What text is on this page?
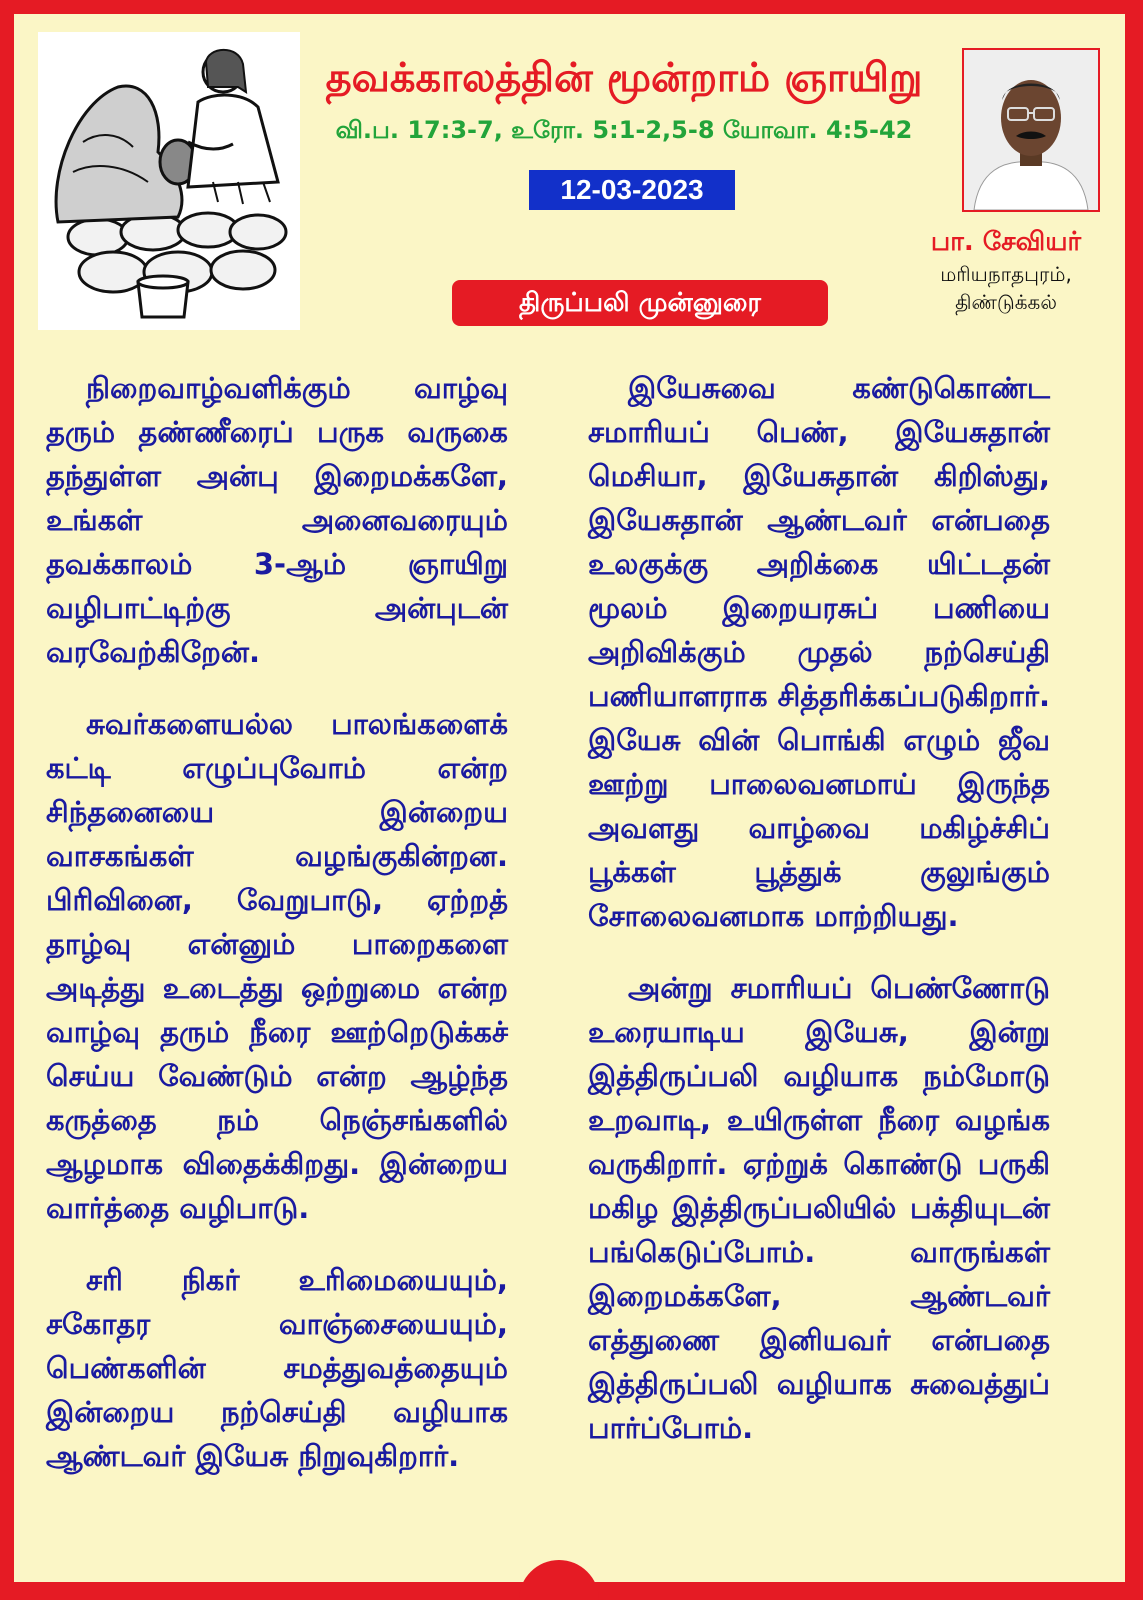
தவக்காலத்தின் மூன்றாம் ஞாயிறு
வி.ப. 17:3-7, உரோ. 5:1-2,5-8 யோவா. 4:5-42
12-03-2023
திருப்பலி முன்னுரை
பா. சேவியர்
மரியநாதபுரம்,
திண்டுக்கல்

நிறைவாழ்வளிக்கும் வாழ்வு தரும் தண்ணீரைப் பருக வருகை தந்துள்ள அன்பு இறைமக்களே, உங்கள் அனைவரையும் தவக்காலம் 3-ஆம் ஞாயிறு வழிபாட்டிற்கு அன்புடன் வரவேற்கிறேன்.

சுவர்களையல்ல பாலங்களைக் கட்டி எழுப்புவோம் என்ற சிந்தனையை இன்றைய வாசகங்கள் வழங்குகின்றன. பிரிவினை, வேறுபாடு, ஏற்றத் தாழ்வு என்னும் பாறைகளை அடித்து உடைத்து ஒற்றுமை என்ற வாழ்வு தரும் நீரை ஊற்றெடுக்கச் செய்ய வேண்டும் என்ற ஆழ்ந்த கருத்தை நம் நெஞ்சங்களில் ஆழமாக விதைக்கிறது. இன்றைய வார்த்தை வழிபாடு.

சரி நிகர் உரிமையையும், சகோதர வாஞ்சையையும், பெண்களின் சமத்துவத்தையும் இன்றைய நற்செய்தி வழியாக ஆண்டவர் இயேசு நிறுவுகிறார்.

இயேசுவை கண்டுகொண்ட சமாரியப் பெண், இயேசுதான் மெசியா, இயேசுதான் கிறிஸ்து, இயேசுதான் ஆண்டவர் என்பதை உலகுக்கு அறிக்கை யிட்டதன் மூலம் இறையரசுப் பணியை அறிவிக்கும் முதல் நற்செய்தி பணியாளராக சித்தரிக்கப்படுகிறார். இயேசு வின் பொங்கி எழும் ஜீவ ஊற்று பாலைவனமாய் இருந்த அவளது வாழ்வை மகிழ்ச்சிப் பூக்கள் பூத்துக் குலுங்கும் சோலைவனமாக மாற்றியது.

அன்று சமாரியப் பெண்ணோடு உரையாடிய இயேசு, இன்று இத்திருப்பலி வழியாக நம்மோடு உறவாடி, உயிருள்ள நீரை வழங்க வருகிறார். ஏற்றுக் கொண்டு பருகி மகிழ இத்திருப்பலியில் பக்தியுடன் பங்கெடுப்போம். வாருங்கள் இறைமக்களே, ஆண்டவர் எத்துணை இனியவர் என்பதை இத்திருப்பலி வழியாக சுவைத்துப் பார்ப்போம்.
